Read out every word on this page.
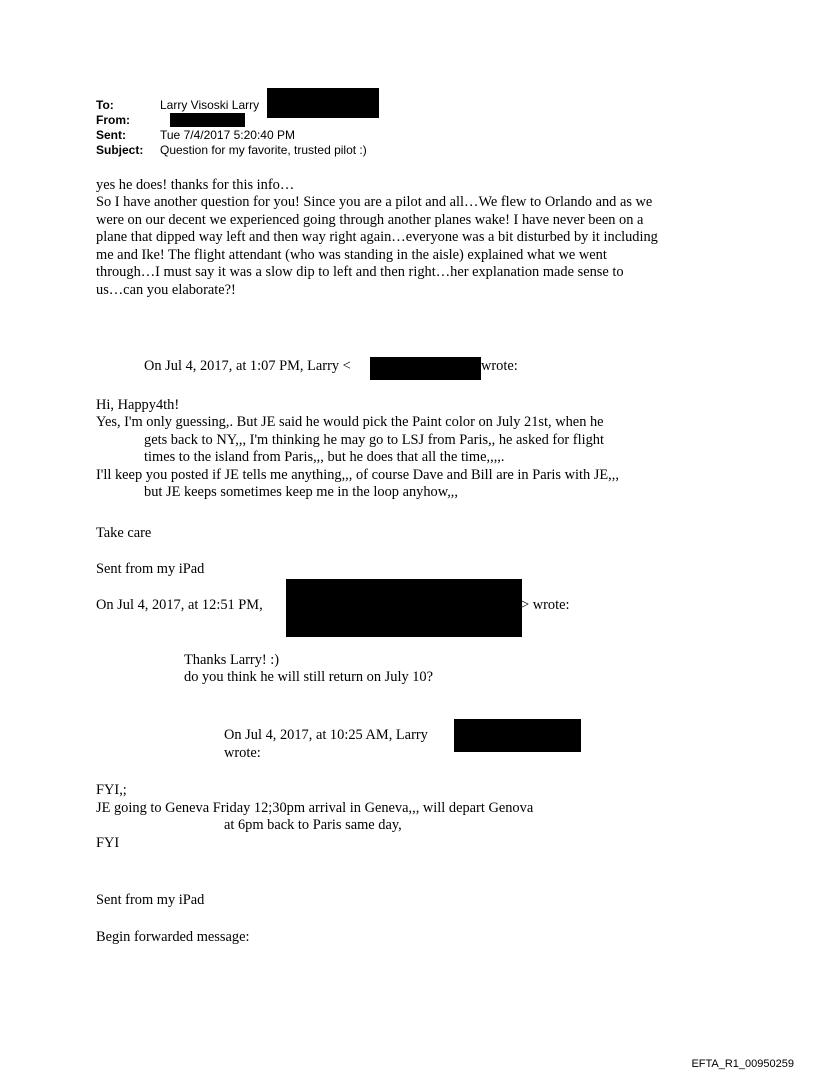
To:	Larry Visoski Larry
From:
Sent:	Tue 7/4/2017 5:20:40 PM
Subject: Question for my favorite, trusted pilot :)
yes he does! thanks for this info…
So I have another question for you! Since you are a pilot and all…We flew to Orlando and as we
were on our decent we experienced going through another planes wake! I have never been on a
plane that dipped way left and then way right again…everyone was a bit disturbed by it including
me and Ike! The flight attendant (who was standing in the aisle) explained what we went
through…I must say it was a slow dip to left and then right…her explanation made sense to
us…can you elaborate?!
On Jul 4, 2017, at 1:07 PM, Larry <	wrote:
Hi, Happy4th!
Yes, I'm only guessing,. But JE said he would pick the Paint color on July 21st, when he
gets back to NY,,, I'm thinking he may go to LSJ from Paris,, he asked for flight
times to the island from Paris,,, but he does that all the time,,,,.
I'll keep you posted if JE tells me anything,,, of course Dave and Bill are in Paris with JE,,,
but JE keeps sometimes keep me in the loop anyhow,,,
Take care
Sent from my iPad
On Jul 4, 2017, at 12:51 PM,	> wrote:
Thanks Larry! :)
do you think he will still return on July 10?
On Jul 4, 2017, at 10:25 AM, Larry
wrote:
FYI,;
JE going to Geneva Friday 12;30pm arrival in Geneva,,, will depart Genova
at 6pm back to Paris same day,
FYI
Sent from my iPad
Begin forwarded message:
EFTA_R1_00950259
